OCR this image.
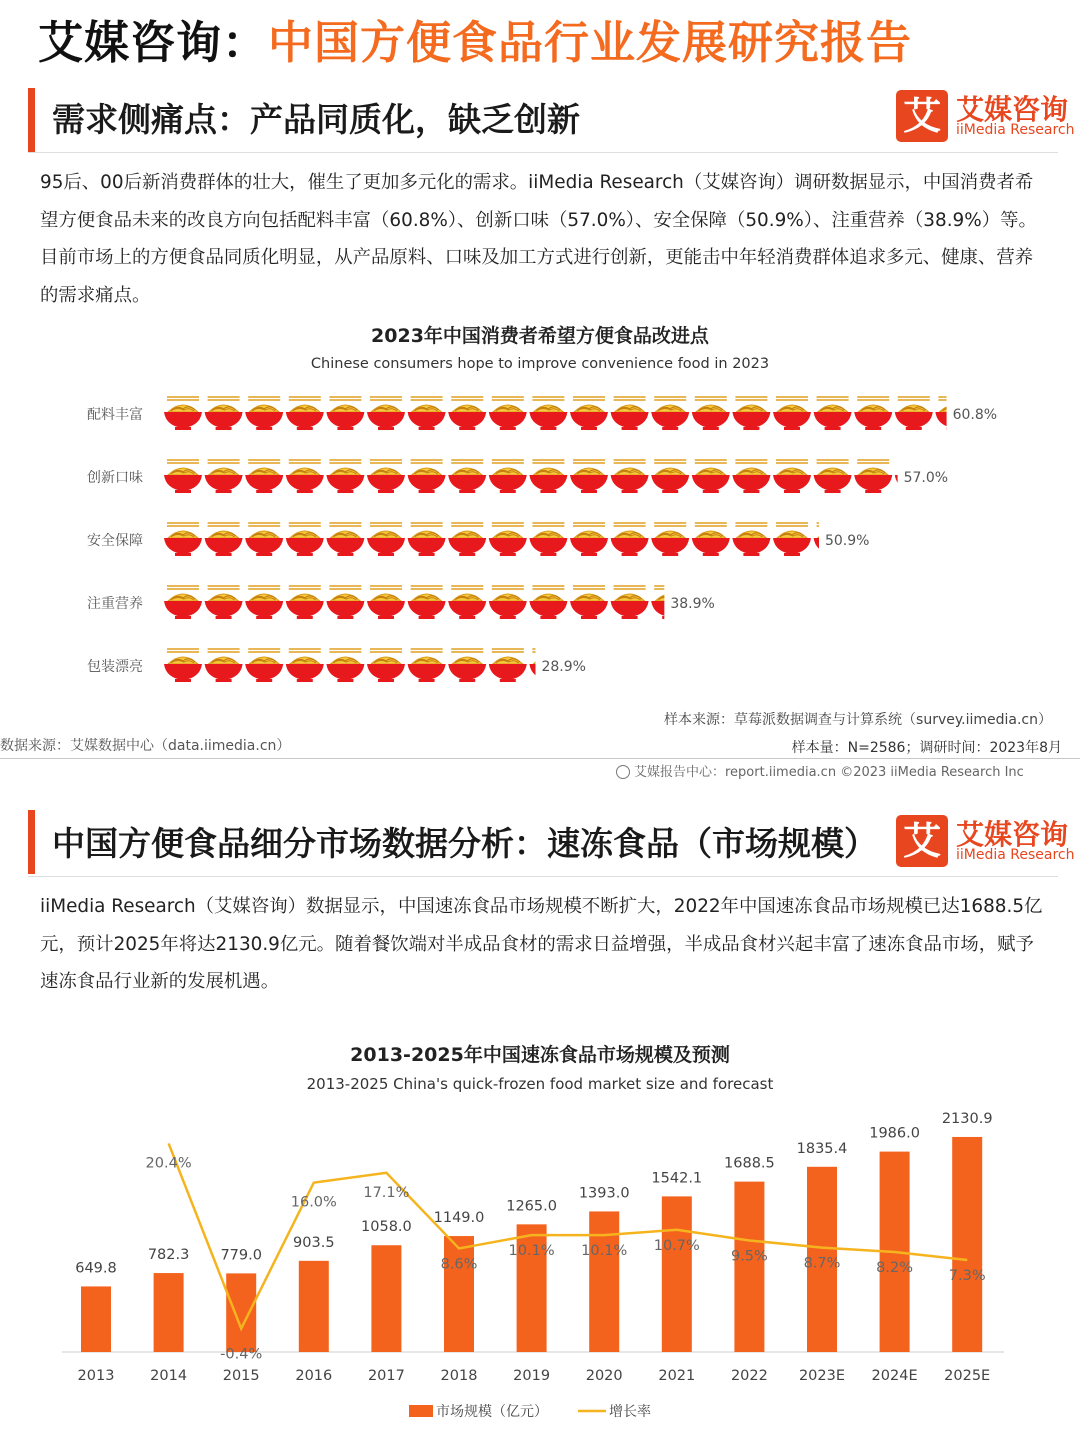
艾媒咨询：中国方便食品行业发展研究报告
需求侧痛点：产品同质化，缺乏创新	艾 艾媒咨询
iiMedia Research
95后、00后新消费群体的壮大，催生了更加多元化的需求。iiMedia Research（艾媒咨询）调研数据显示，中国消费者希望方便食品未来的改良方向包括配料丰富（60.8%）、创新口味（57.0%）、安全保障（50.9%）、注重营养（38.9%）等。目前市场上的方便食品同质化明显，从产品原料、口味及加工方式进行创新，更能击中年轻消费群体追求多元、健康、营养的需求痛点。
2023年中国消费者希望方便食品改进点
Chinese consumers hope to improve convenience food in 2023
配料丰富	60.8%
创新口味	57.0%
安全保障	50.9%
注重营养	38.9%
包装漂亮	28.9%
样本来源：草莓派数据调查与计算系统（survey.iimedia.cn）
数据来源：艾媒数据中心（data.iimedia.cn）	样本量：N=2586；调研时间：2023年8月
艾媒报告中心：report.iimedia.cn ©2023 iiMedia Research Inc
中国方便食品细分市场数据分析：速冻食品（市场规模） 艾 艾媒咨询
iiMedia Research
iiMedia Research（艾媒咨询）数据显示，中国速冻食品市场规模不断扩大，2022年中国速冻食品市场规模已达1688.5亿元，预计2025年将达2130.9亿元。随着餐饮端对半成品食材的需求日益增强，半成品食材兴起丰富了速冻食品市场，赋予速冻食品行业新的发展机遇。
2013-2025年中国速冻食品市场规模及预测
2013-2025 China's quick-frozen food market size and forecast
649.8
2013
782.3
2014
779.0
2015
903.5
2016
1058.0
2017
1149.0
2018
1265.0
2019
1393.0
2020
1542.1
2021
1688.5
2022
1835.4
2023E
1986.0
2024E
2130.9
2025E
20.4%
-0.4%
16.0%
17.1%
8.6%
10.1% 10.1% 10.7%
9.5% 8.7% 8.2%
7.3%
市场规模（亿元）	增长率
